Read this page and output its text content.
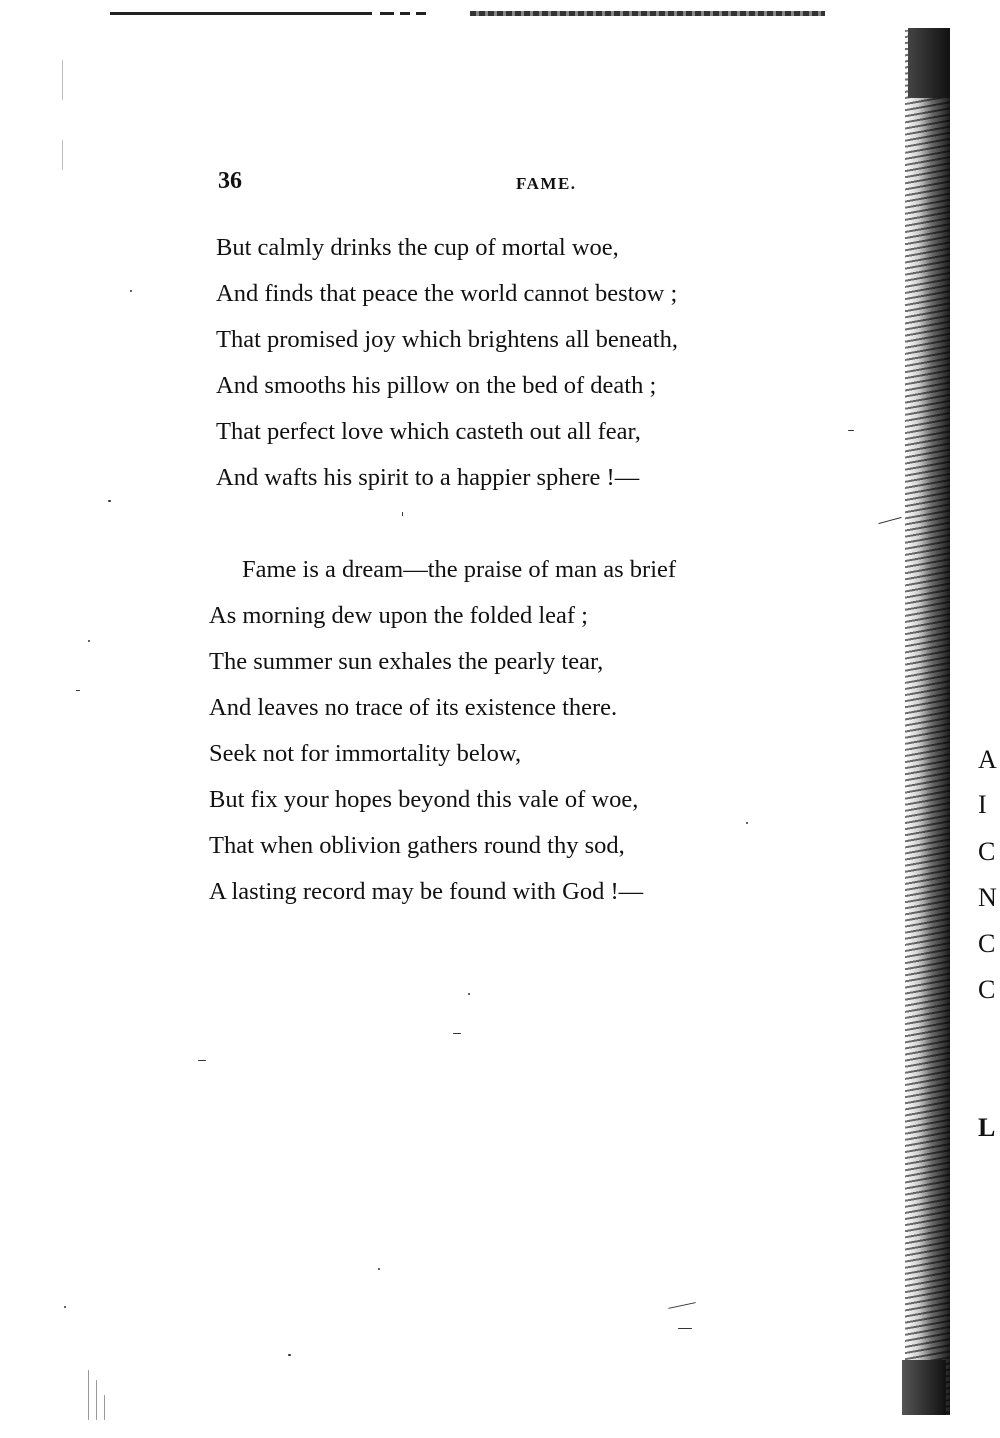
36	FAME.
But calmly drinks the cup of mortal woe,
And finds that peace the world cannot bestow ;
That promised joy which brightens all beneath,
And smooths his pillow on the bed of death ;
That perfect love which casteth out all fear,
And wafts his spirit to a happier sphere !—
Fame is a dream—the praise of man as brief
As morning dew upon the folded leaf ;
The summer sun exhales the pearly tear,
And leaves no trace of its existence there.
Seek not for immortality below,
But fix your hopes beyond this vale of woe,
That when oblivion gathers round thy sod,
A lasting record may be found with God !—
A
I
C
N
C
C
L
